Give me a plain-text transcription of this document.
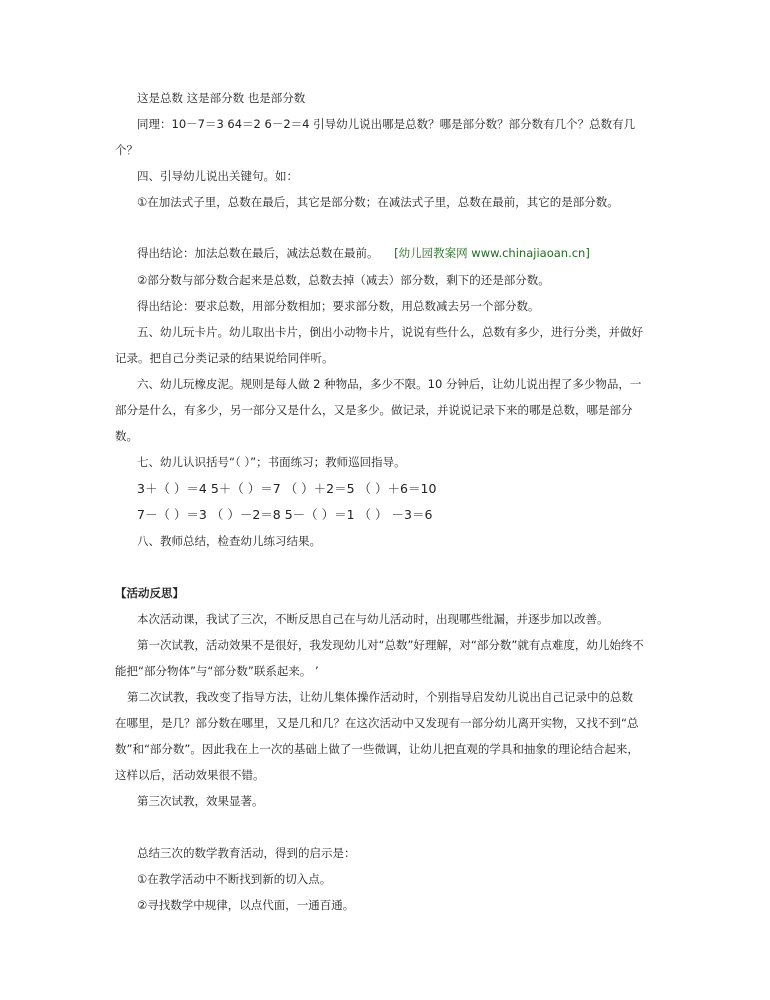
这是总数 这是部分数 也是部分数
同理：10－7＝3 64＝2 6－2＝4 引导幼儿说出哪是总数？哪是部分数？部分数有几个？总数有几
个？
四、引导幼儿说出关键句。如：
①在加法式子里，总数在最后，其它是部分数；在减法式子里，总数在最前，其它的是部分数。
得出结论：加法总数在最后，减法总数在最前。 [幼儿园教案网 www.chinajiaoan.cn]
②部分数与部分数合起来是总数，总数去掉（减去）部分数，剩下的还是部分数。
得出结论：要求总数，用部分数相加；要求部分数，用总数减去另一个部分数。
五、幼儿玩卡片。幼儿取出卡片，倒出小动物卡片，说说有些什么，总数有多少，进行分类，并做好
记录。把自己分类记录的结果说给同伴听。
六、幼儿玩橡皮泥。规则是每人做 2 种物品，多少不限。10 分钟后，让幼儿说出捏了多少物品，一
部分是什么，有多少，另一部分又是什么，又是多少。做记录，并说说记录下来的哪是总数，哪是部分
数。
七、幼儿认识括号“（ ）”；书面练习；教师巡回指导。
3＋（ ）＝4 5＋（ ）＝7 （ ）＋2＝5 （ ）＋6＝10
7－（ ）＝3 （ ）－2＝8 5－（ ）＝1 （ ） －3＝6
八、教师总结，检查幼儿练习结果。
【活动反思】
本次活动课，我试了三次，不断反思自己在与幼儿活动时，出现哪些纰漏，并逐步加以改善。
第一次试教，活动效果不是很好，我发现幼儿对“总数”好理解，对“部分数”就有点难度，幼儿始终不
能把“部分物体”与“部分数”联系起来。 ’
第二次试教，我改变了指导方法，让幼儿集体操作活动时，个别指导启发幼儿说出自己记录中的总数
在哪里，是几？部分数在哪里，又是几和几？在这次活动中又发现有一部分幼儿离开实物，又找不到“总
数”和“部分数”。因此我在上一次的基础上做了一些微调，让幼儿把直观的学具和抽象的理论结合起来，
这样以后，活动效果很不错。
第三次试教，效果显著。
总结三次的数学教育活动，得到的启示是：
①在教学活动中不断找到新的切入点。
②寻找数学中规律，以点代面，一通百通。
